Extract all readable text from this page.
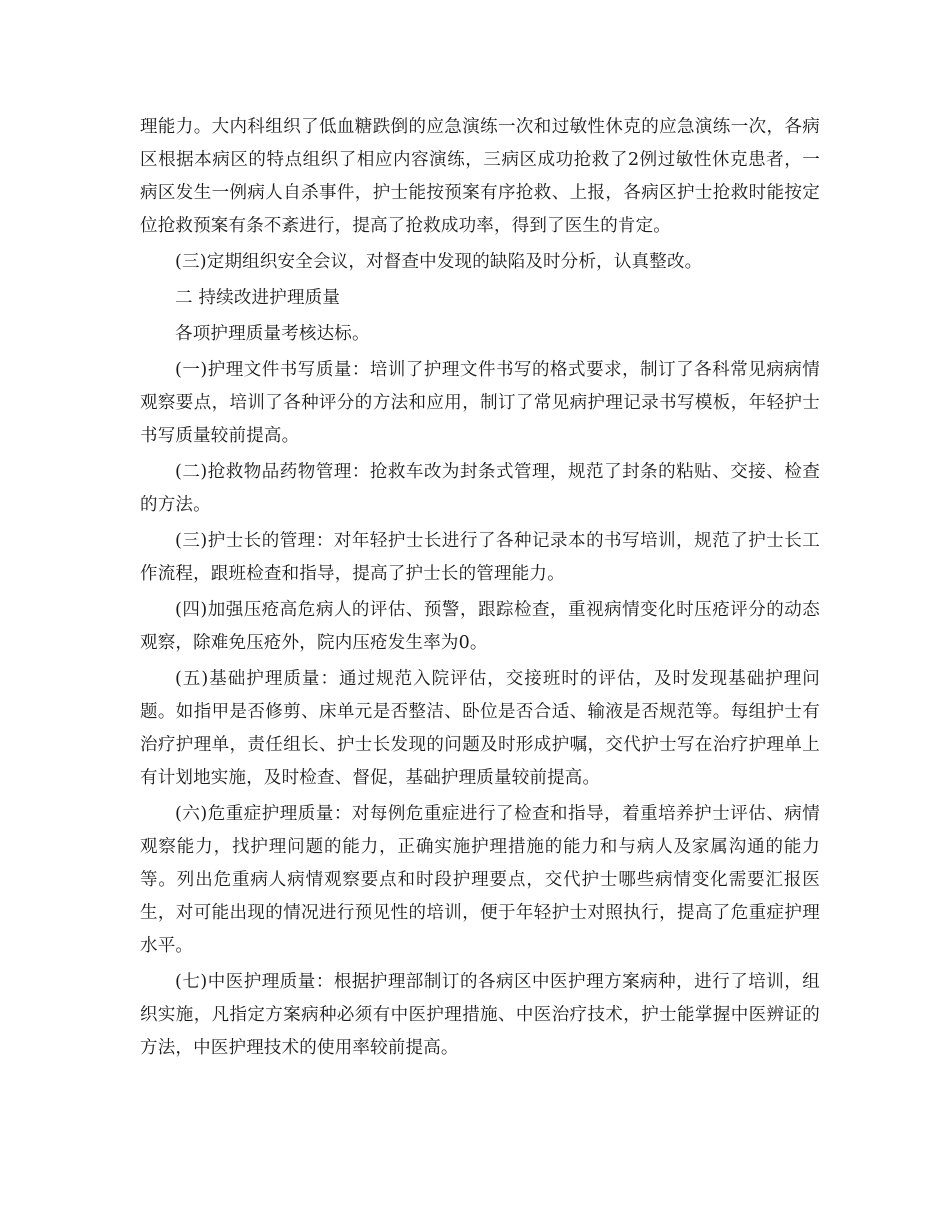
理能力。大内科组织了低血糖跌倒的应急演练一次和过敏性休克的应急演练一次，各病区根据本病区的特点组织了相应内容演练，三病区成功抢救了2例过敏性休克患者，一病区发生一例病人自杀事件，护士能按预案有序抢救、上报，各病区护士抢救时能按定位抢救预案有条不紊进行，提高了抢救成功率，得到了医生的肯定。

(三)定期组织安全会议，对督查中发现的缺陷及时分析，认真整改。

二 持续改进护理质量

各项护理质量考核达标。

(一)护理文件书写质量：培训了护理文件书写的格式要求，制订了各科常见病病情观察要点，培训了各种评分的方法和应用，制订了常见病护理记录书写模板，年轻护士书写质量较前提高。

(二)抢救物品药物管理：抢救车改为封条式管理，规范了封条的粘贴、交接、检查的方法。

(三)护士长的管理：对年轻护士长进行了各种记录本的书写培训，规范了护士长工作流程，跟班检查和指导，提高了护士长的管理能力。

(四)加强压疮高危病人的评估、预警，跟踪检查，重视病情变化时压疮评分的动态观察，除难免压疮外，院内压疮发生率为0。

(五)基础护理质量：通过规范入院评估，交接班时的评估，及时发现基础护理问题。如指甲是否修剪、床单元是否整洁、卧位是否合适、输液是否规范等。每组护士有治疗护理单，责任组长、护士长发现的问题及时形成护嘱，交代护士写在治疗护理单上有计划地实施，及时检查、督促，基础护理质量较前提高。

(六)危重症护理质量：对每例危重症进行了检查和指导，着重培养护士评估、病情观察能力，找护理问题的能力，正确实施护理措施的能力和与病人及家属沟通的能力等。列出危重病人病情观察要点和时段护理要点，交代护士哪些病情变化需要汇报医生，对可能出现的情况进行预见性的培训，便于年轻护士对照执行，提高了危重症护理水平。

(七)中医护理质量：根据护理部制订的各病区中医护理方案病种，进行了培训，组织实施，凡指定方案病种必须有中医护理措施、中医治疗技术，护士能掌握中医辨证的方法，中医护理技术的使用率较前提高。
